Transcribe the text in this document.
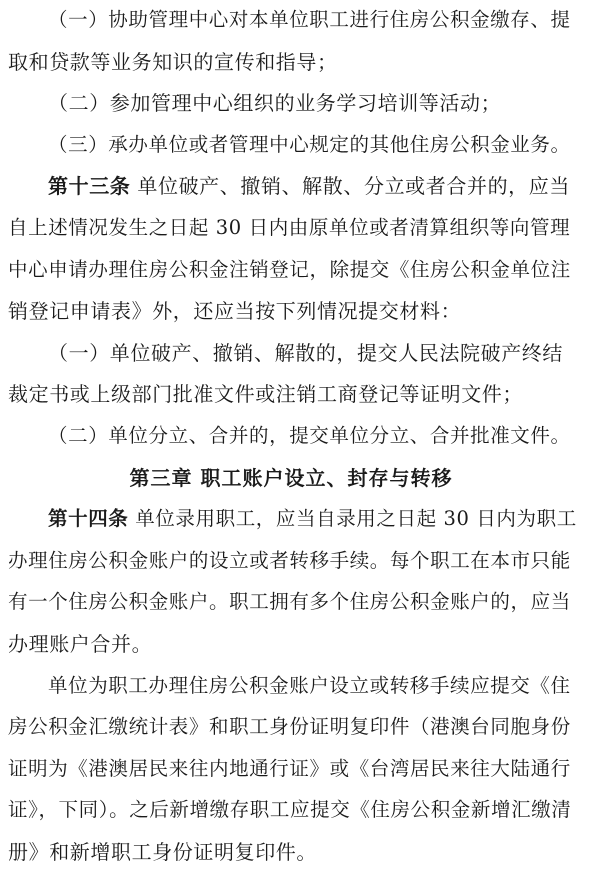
（一）协助管理中心对本单位职工进行住房公积金缴存、提
取和贷款等业务知识的宣传和指导；
（二）参加管理中心组织的业务学习培训等活动；
（三）承办单位或者管理中心规定的其他住房公积金业务。
第十三条 单位破产、撤销、解散、分立或者合并的，应当
自上述情况发生之日起 30 日内由原单位或者清算组织等向管理
中心申请办理住房公积金注销登记，除提交《住房公积金单位注
销登记申请表》外，还应当按下列情况提交材料：
（一）单位破产、撤销、解散的，提交人民法院破产终结
裁定书或上级部门批准文件或注销工商登记等证明文件；
（二）单位分立、合并的，提交单位分立、合并批准文件。
第三章 职工账户设立、封存与转移
第十四条 单位录用职工，应当自录用之日起 30 日内为职工
办理住房公积金账户的设立或者转移手续。每个职工在本市只能
有一个住房公积金账户。职工拥有多个住房公积金账户的，应当
办理账户合并。
单位为职工办理住房公积金账户设立或转移手续应提交《住
房公积金汇缴统计表》和职工身份证明复印件（港澳台同胞身份
证明为《港澳居民来往内地通行证》或《台湾居民来往大陆通行
证》，下同）。之后新增缴存职工应提交《住房公积金新增汇缴清
册》和新增职工身份证明复印件。
